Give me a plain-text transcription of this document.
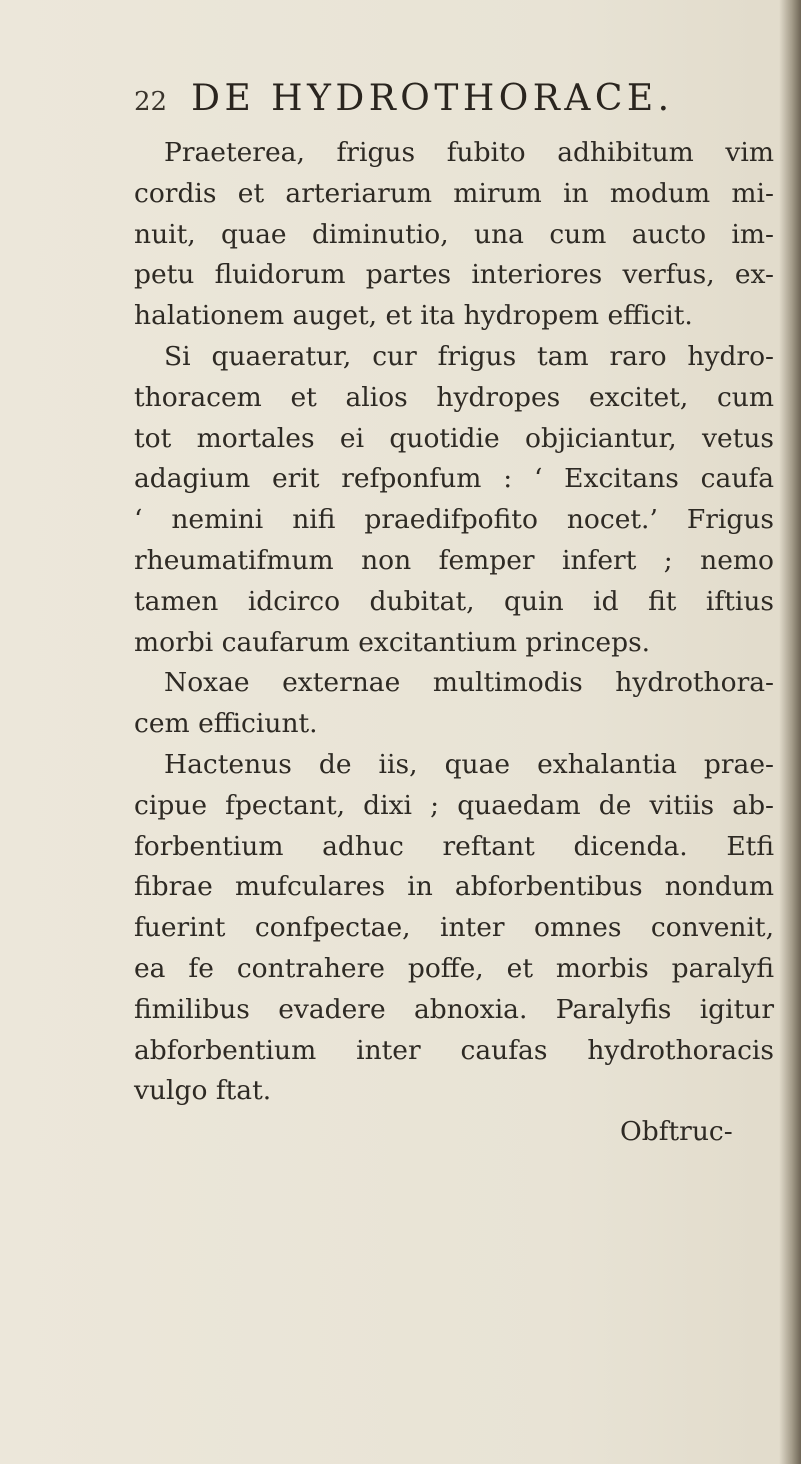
22 DE HYDROTHORACE.
Praeterea, frigus fubito adhibitum vim
cordis et arteriarum mirum in modum mi-
nuit, quae diminutio, una cum aucto im-
petu fluidorum partes interiores verfus, ex-
halationem auget, et ita hydropem efficit.
Si quaeratur, cur frigus tam raro hydro-
thoracem et alios hydropes excitet, cum
tot mortales ei quotidie objiciantur, vetus
adagium erit refponfum : ‘ Excitans caufa
‘ nemini nifi praedifpofito nocet.’ Frigus
rheumatifmum non femper infert ; nemo
tamen idcirco dubitat, quin id fit iftius
morbi caufarum excitantium princeps.
Noxae externae multimodis hydrothora-
cem efficiunt.
Hactenus de iis, quae exhalantia prae-
cipue fpectant, dixi ; quaedam de vitiis ab-
forbentium adhuc reftant dicenda. Etfi
fibrae mufculares in abforbentibus nondum
fuerint confpectae, inter omnes convenit,
ea fe contrahere poffe, et morbis paralyfi
fimilibus evadere abnoxia. Paralyfis igitur
abforbentium inter caufas hydrothoracis
vulgo ftat.
Obftruc-
